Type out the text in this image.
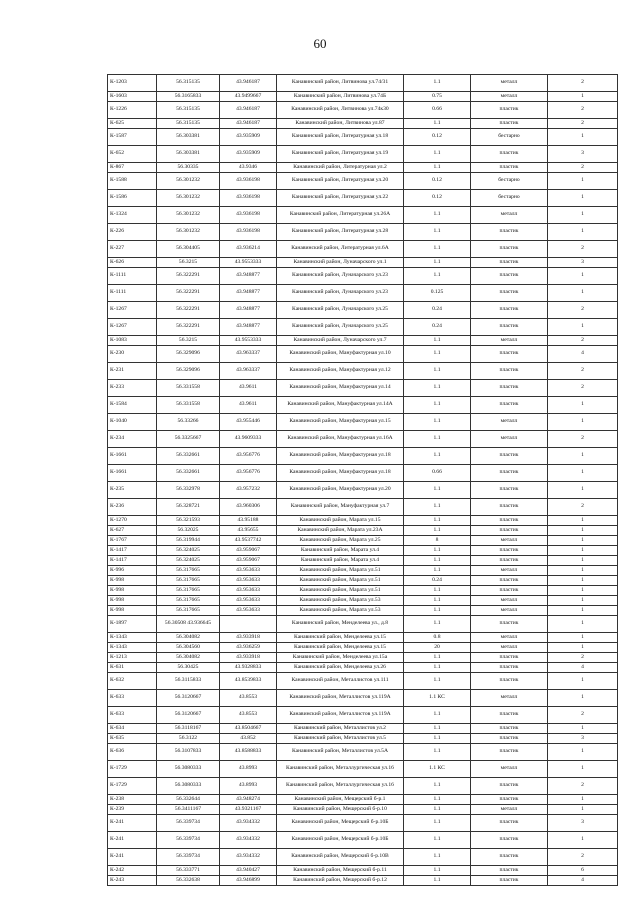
60
К-1203	56.315135	43.946187	Канавинский район, Литвинова ул.74/31	1.1	металл	2
К-1603	56.3165833	43.9499667	Канавинский район, Литвинова ул.74Б	0.75	металл	1
К-1226	56.315135	43.946187	Канавинский район, Литвинова ул.74к30	0.66	пластик	2
К-625	56.315135	43.946187	Канавинский район, Литвинова ул.87	1.1	пластик	2
К-1587	56.303381	43.935909	Канавинский район, Литературная ул.18	0.12	бестарно	1
К-652	56.303381	43.935909	Канавинский район, Литературная ул.19	1.1	пластик	3
К-867	56.30335	43.9346	Канавинский район, Литературная ул.2	1.1	пластик	2
К-1588	56.301232	43.936198	Канавинский район, Литературная ул.20	0.12	бестарно	1
К-1586	56.301232	43.936198	Канавинский район, Литературная ул.22	0.12	бестарно	1
К-1324	56.301232	43.936198	Канавинский район, Литературная ул.26А	1.1	металл	1
К-226	56.301232	43.936198	Канавинский район, Литературная ул.28	1.1	пластик	1
К-227	56.304405	43.936214	Канавинский район, Литературная ул.6А	1.1	пластик	2
К-626	56.3215	43.9553333	Канавинский район, Луначарского ул.1	1.1	пластик	3
К-1111	56.322291	43.948877	Канавинский район, Луначарского ул.23	1.1	пластик	1
К-1111	56.322291	43.948877	Канавинский район, Луначарского ул.23	0.125	пластик	1
К-1267	56.322291	43.948877	Канавинский район, Луначарского ул.25	0.24	пластик	2
К-1267	56.322291	43.948877	Канавинский район, Луначарского ул.25	0.24	пластик	1
К-1083	56.3215	43.9553333	Канавинский район, Луначарского ул.7	1.1	металл	2
К-230	56.329096	43.963337	Канавинский район, Мануфактурная ул.10	1.1	пластик	4
К-231	56.329096	43.963337	Канавинский район, Мануфактурная ул.12	1.1	пластик	2
К-233	56.331558	43.9611	Канавинский район, Мануфактурная ул.14	1.1	пластик	2
К-1584	56.331558	43.9611	Канавинский район, Мануфактурная ул.14А	1.1	пластик	1
К-1040	56.33266	43.955446	Канавинский район, Мануфактурная ул.15	1.1	металл	1
К-234	56.3325667	43.9609333	Канавинский район, Мануфактурная ул.16А	1.1	металл	2
К-1661	56.332661	43.956776	Канавинский район, Мануфактурная ул.18	1.1	пластик	1
К-1661	56.332661	43.956776	Канавинский район, Мануфактурная ул.18	0.66	пластик	1
К-235	56.332978	43.957232	Канавинский район, Мануфактурная ул.20	1.1	пластик	1
К-236	56.328721	43.960306	Канавинский район, Мануфактурная ул.7	1.1	пластик	2
К-1270	56.321593	43.95188	Канавинский район, Марата ул.15	1.1	пластик	1
К-627	56.32025	43.95655	Канавинский район, Марата ул.23А	1.1	пластик	1
К-1767	56.319944	43.9537742	Канавинский район, Марата ул.25	8	металл	1
К-1417	56.324025	43.959067	Канавинский район, Марата ул.4	1.1	пластик	1
К-1417	56.324025	43.959067	Канавинский район, Марата ул.4	1.1	пластик	1
К-996	56.317665	43.953633	Канавинский район, Марата ул.51	1.1	металл	1
К-998	56.317665	43.953633	Канавинский район, Марата ул.51	0.24	пластик	1
К-998	56.317665	43.953633	Канавинский район, Марата ул.51	1.1	пластик	1
К-998	56.317665	43.953633	Канавинский район, Марата ул.53	1.1	металл	1
К-998	56.317665	43.953633	Канавинский район, Марата ул.53	1.1	металл	1
К-1897	56.30508 43.936645		Канавинский район, Менделеева ул., д.8	1.1	пластик	1
К-1343	56.304082	43.933918	Канавинский район, Менделеева ул.15	0.8	металл	1
К-1343	56.304560	43.936259	Канавинский район, Менделеева ул.15	20	металл	1
К-1213	56.304082	43.933918	Канавинский район, Менделеева ул.15а	1.1	пластик	2
К-631	56.30425	43.9328833	Канавинский район, Менделеева ул.26	1.1	пластик	4
К-632	56.3115833	43.8539833	Канавинский район, Металлистов ул.111	1.1	пластик	1
К-633	56.3120667	43.8553	Канавинский район, Металлистов ул.119А	1.1 КС	металл	1
К-633	56.3120667	43.8553	Канавинский район, Металлистов ул.119А	1.1	пластик	2
К-634	56.3118167	43.8504667	Канавинский район, Металлистов ул.2	1.1	пластик	1
К-635	56.3122	43.852	Канавинский район, Металлистов ул.5	1.1	пластик	3
К-636	56.3107833	43.8588833	Канавинский район, Металлистов ул.5А	1.1	пластик	1
К-1729	56.3080333	43.8993	Канавинский район, Металлургическая ул.16	1.1 КС	металл	1
К-1729	56.3080333	43.8993	Канавинский район, Металлургическая ул.16	1.1	пластик	2
К-238	56.332644	43.948274	Канавинский район, Мещерский б-р.1	1.1	пластик	1
К-239	56.3411167	43.9321167	Канавинский район, Мещерский б-р.10	1.1	металл	1
К-241	56.339734	43.934332	Канавинский район, Мещерский б-р.10Б	1.1	пластик	3
К-241	56.339734	43.934332	Канавинский район, Мещерский б-р.10Б	1.1	пластик	1
К-241	56.339734	43.934332	Канавинский район, Мещерский б-р.10В	1.1	пластик	2
К-242	56.333771	43.940427	Канавинский район, Мещерский б-р.11	1.1	пластик	6
К-243	56.332638	43.946899	Канавинский район, Мещерский б-р.12	1.1	пластик	4
